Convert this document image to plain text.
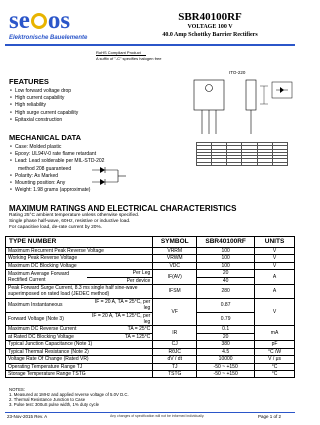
se os
Elektronische Bauelemente
SBR40100RF
VOLTAGE 100 V
40.0 Amp Schottky Barrier Rectifiers
RoHS Compliant Product
A suffix of "-C" specifies halogen free
FEATURES
● Low forward voltage drop
● High current capability
● High reliability
● High surge current capability
● Epitaxial construction
MECHANICAL DATA
● Case: Molded plastic
● Epoxy: UL94V-0 rate flame retardant
● Lead: Lead solderable per MIL-STD-202
method 208 guaranteed
● Polarity: As Marked
● Mounting position: Any
● Weight: 1.98 grams (approximate)
ITO-220

MAXIMUM RATINGS AND ELECTRICAL CHARACTERISTICS
Rating 25°C ambient temperature unless otherwise specified.
Single phase half-wave, 60Hz, resistive or inductive load.
For capacitive load, de-rate current by 20%.
TYPE NUMBER		SYMBOL	SBR40100RF	UNITS
Maximum Recurrent Peak Reverse Voltage		VRRM	100	V
Working Peak Reverse Voltage		VRWM	100	V
Maximum DC Blocking Voltage		VDC	100	V
Maximum Average Forward Rectified Current	Per Leg	IF(AV)	20	A
	Per device		40	

Peak Forward Surge Current, 8.3 ms single half sine-wave
superimposed on rated load (JEDEC method)		IFSM	280	A
Maximum Instantaneous	IF = 20 A, TA = 25°C, per leg	VF	0.87	V
Forward Voltage (Note 3)	IF = 20 A, TA = 125°C, per leg		0.79	
Maximum DC Reverse Current	TA = 25°C	IR	0.1	mA
at Rated DC Blocking Voltage	TA = 125°C		20	
Typical Junction Capacitance (Note 1)		CJ	380	pF
Typical Thermal Resistance (Note 2)		RθJC	4.5	°C /W
Voltage Rate Of Change (Rated VR)		dV / dt	10000	V / μs
Operating Temperature Range TJ		TJ	-50 ~ +150	°C
Storage Temperature Range TSTG		TSTG	-50 ~ +150	°C
NOTES:
1. Measured at 1MHz and applied reverse voltage of 5.0V D.C.
2. Thermal Resistance Junction to Case
3. Pulse test: 300uS pulse width, 1% duty cycle
23-Nov-2015 Rev. A	Any changes of specification will not be informed individually.	Page 1 of 2
